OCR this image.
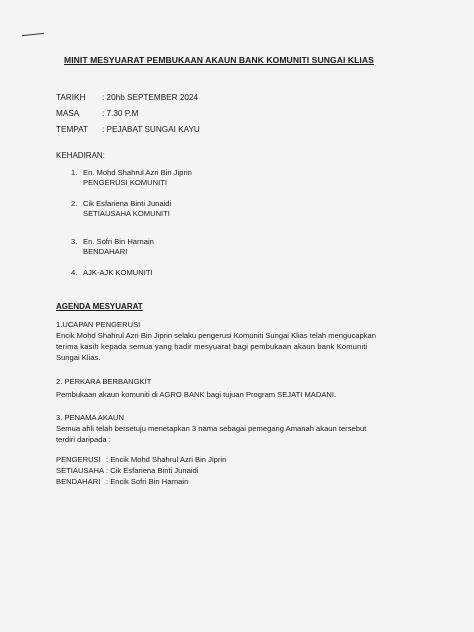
MINIT MESYUARAT PEMBUKAAN AKAUN BANK KOMUNITI SUNGAI KLIAS
TARIKH : 20hb SEPTEMBER 2024
MASA	: 7.30 P.M
TEMPAT : PEJABAT SUNGAI KAYU
KEHADIRAN:
1. En. Mohd Shahrul Azri Bin Jiprin
PENGERUSI KOMUNITI
2. Cik Esfariena Binti Junaidi
SETIAUSAHA KOMUNITI
3. En. Sofri Bin Harnain
BENDAHARI
4. AJK-AJK KOMUNITI
AGENDA MESYUARAT
1.UCAPAN PENGERUSI
Encik Mohd Shahrul Azri Bin Jiprin selaku pengerusi Komuniti Sungai Klias telah mengucapkan
terima kasih kepada semua yang hadir mesyuarat bagi pembukaan akaun bank Komuniti
Sungai Klias.
2. PERKARA BERBANGKIT
Pembukaan akaun komuniti di AGRO BANK bagi tujuan Program SEJATI MADANI.
3. PENAMA AKAUN
Semua ahli telah bersetuju menetapkan 3 nama sebagai pemegang Amanah akaun tersebut
terdiri daripada :
PENGERUSI : Encik Mohd Shahrul Azri Bin Jiprin
SETIAUSAHA : Cik Esfariena Binti Junaidi
BENDAHARI : Encik Sofri Bin Harnain
